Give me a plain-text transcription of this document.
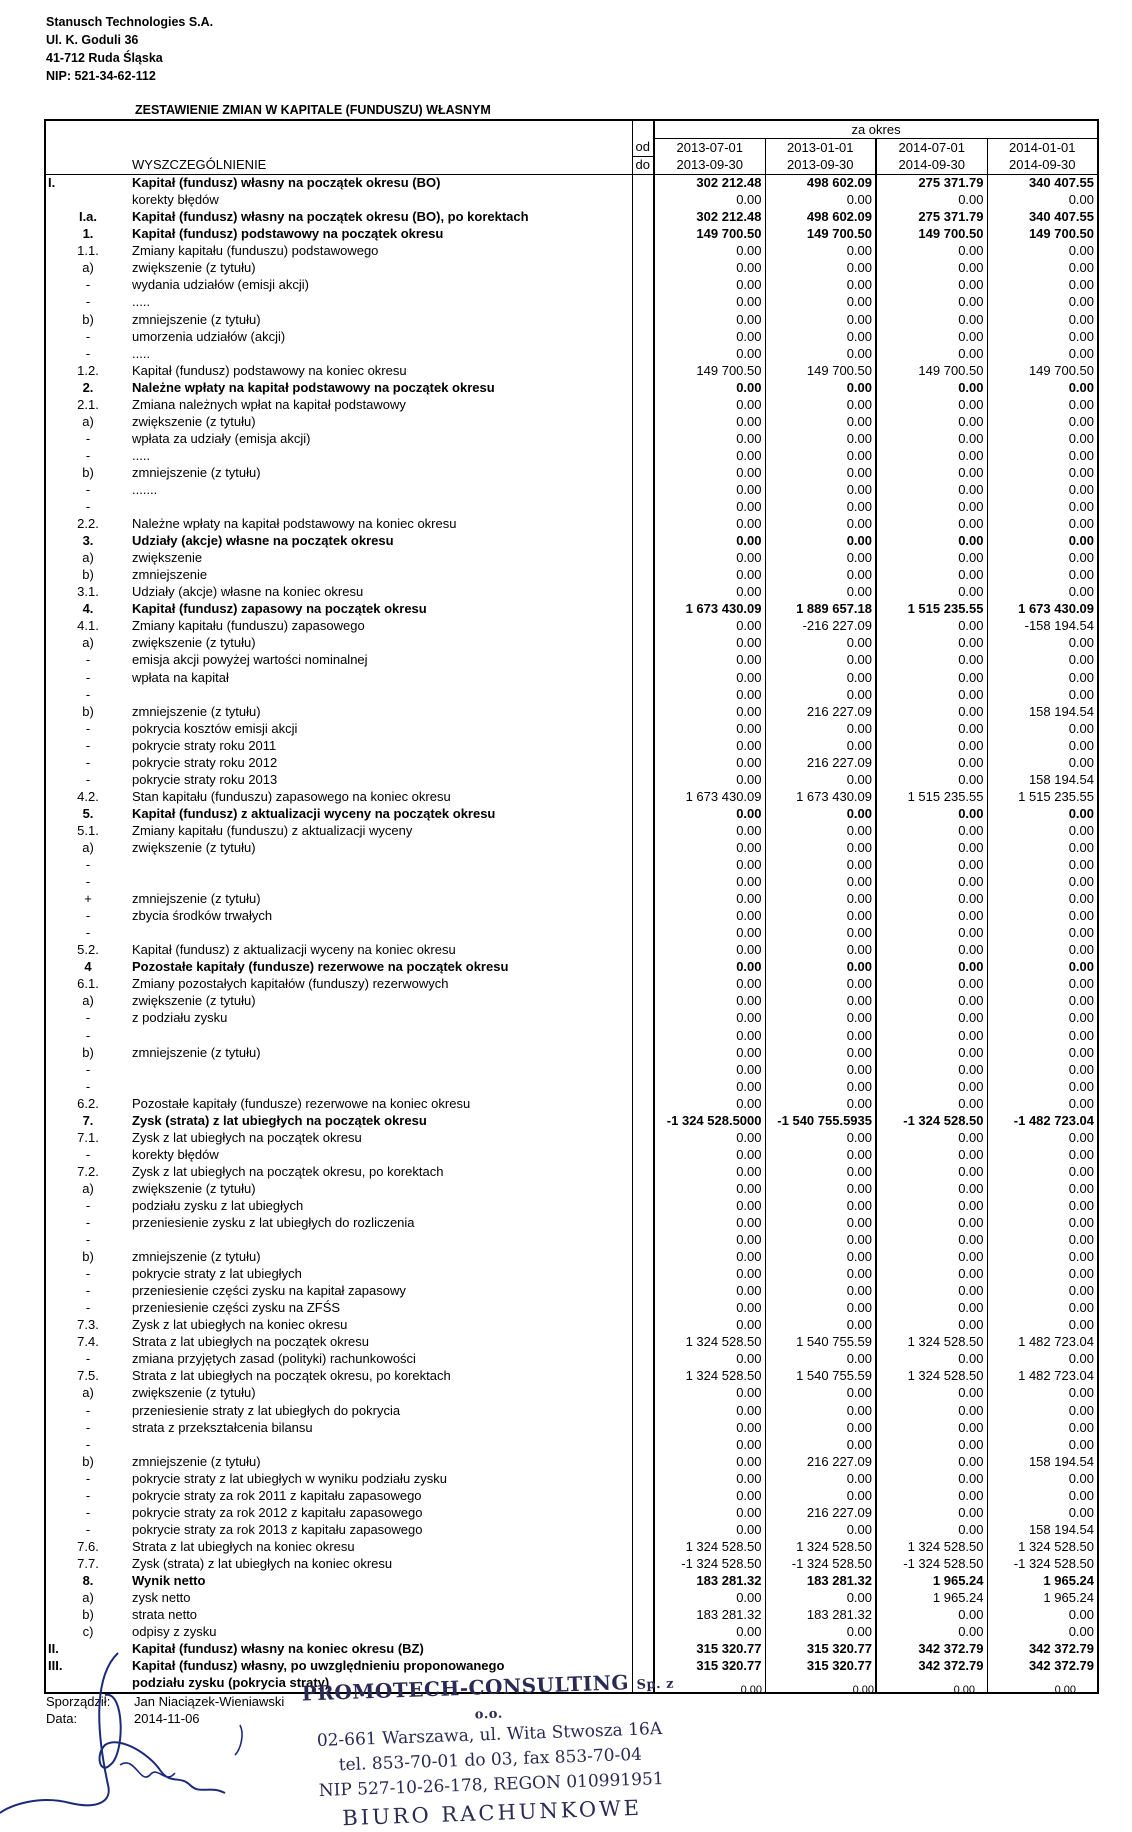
Stanusch Technologies S.A.
Ul. K. Goduli 36
41-712 Ruda Śląska
NIP: 521-34-62-112
ZESTAWIENIE ZMIAN W KAPITALE (FUNDUSZU) WŁASNYM
			za okres			
		od	2013-07-01	2013-01-01	2014-07-01	2014-01-01
	WYSZCZEGÓLNIENIE	do	2013-09-30	2013-09-30	2014-09-30	2014-09-30
I.	Kapitał (fundusz) własny na początek okresu (BO)		302 212.48	498 602.09	275 371.79	340 407.55
	korekty błędów		0.00	0.00	0.00	0.00
I.a.	Kapitał (fundusz) własny na początek okresu (BO), po korektach		302 212.48	498 602.09	275 371.79	340 407.55
1.	Kapitał (fundusz) podstawowy na początek okresu		149 700.50	149 700.50	149 700.50	149 700.50
1.1.	Zmiany kapitału (funduszu) podstawowego		0.00	0.00	0.00	0.00
a)	zwiększenie (z tytułu)		0.00	0.00	0.00	0.00
-	wydania udziałów (emisji akcji)		0.00	0.00	0.00	0.00
-	.....		0.00	0.00	0.00	0.00
b)	zmniejszenie (z tytułu)		0.00	0.00	0.00	0.00
-	umorzenia udziałów (akcji)		0.00	0.00	0.00	0.00
-	.....		0.00	0.00	0.00	0.00
1.2.	Kapitał (fundusz) podstawowy na koniec okresu		149 700.50	149 700.50	149 700.50	149 700.50
2.	Należne wpłaty na kapitał podstawowy na początek okresu		0.00	0.00	0.00	0.00
2.1.	Zmiana należnych wpłat na kapitał podstawowy		0.00	0.00	0.00	0.00
a)	zwiększenie (z tytułu)		0.00	0.00	0.00	0.00
-	wpłata za udziały (emisja akcji)		0.00	0.00	0.00	0.00
-	.....		0.00	0.00	0.00	0.00
b)	zmniejszenie (z tytułu)		0.00	0.00	0.00	0.00
-	.......		0.00	0.00	0.00	0.00
-			0.00	0.00	0.00	0.00
2.2.	Należne wpłaty na kapitał podstawowy na koniec okresu		0.00	0.00	0.00	0.00
3.	Udziały (akcje) własne na początek okresu		0.00	0.00	0.00	0.00
a)	zwiększenie		0.00	0.00	0.00	0.00
b)	zmniejszenie		0.00	0.00	0.00	0.00
3.1.	Udziały (akcje) własne na koniec okresu		0.00	0.00	0.00	0.00
4.	Kapitał (fundusz) zapasowy na początek okresu		1 673 430.09	1 889 657.18	1 515 235.55	1 673 430.09
4.1.	Zmiany kapitału (funduszu) zapasowego		0.00	-216 227.09	0.00	-158 194.54
a)	zwiększenie (z tytułu)		0.00	0.00	0.00	0.00
-	emisja akcji powyżej wartości nominalnej		0.00	0.00	0.00	0.00
-	wpłata na kapitał		0.00	0.00	0.00	0.00
-			0.00	0.00	0.00	0.00
b)	zmniejszenie (z tytułu)		0.00	216 227.09	0.00	158 194.54
-	pokrycia kosztów emisji akcji		0.00	0.00	0.00	0.00
-	pokrycie straty roku 2011		0.00	0.00	0.00	0.00
-	pokrycie straty roku 2012		0.00	216 227.09	0.00	0.00
-	pokrycie straty roku 2013		0.00	0.00	0.00	158 194.54
4.2.	Stan kapitału (funduszu) zapasowego na koniec okresu		1 673 430.09	1 673 430.09	1 515 235.55	1 515 235.55
5.	Kapitał (fundusz) z aktualizacji wyceny na początek okresu		0.00	0.00	0.00	0.00
5.1.	Zmiany kapitału (funduszu) z aktualizacji wyceny		0.00	0.00	0.00	0.00
a)	zwiększenie (z tytułu)		0.00	0.00	0.00	0.00
-			0.00	0.00	0.00	0.00
-			0.00	0.00	0.00	0.00
+	zmniejszenie (z tytułu)		0.00	0.00	0.00	0.00
-	zbycia środków trwałych		0.00	0.00	0.00	0.00
-			0.00	0.00	0.00	0.00
5.2.	Kapitał (fundusz) z aktualizacji wyceny na koniec okresu		0.00	0.00	0.00	0.00
4	Pozostałe kapitały (fundusze) rezerwowe na początek okresu		0.00	0.00	0.00	0.00
6.1.	Zmiany pozostałych kapitałów (funduszy) rezerwowych		0.00	0.00	0.00	0.00
a)	zwiększenie (z tytułu)		0.00	0.00	0.00	0.00
-	z podziału zysku		0.00	0.00	0.00	0.00
-			0.00	0.00	0.00	0.00
b)	zmniejszenie (z tytułu)		0.00	0.00	0.00	0.00
-			0.00	0.00	0.00	0.00
-			0.00	0.00	0.00	0.00
6.2.	Pozostałe kapitały (fundusze) rezerwowe na koniec okresu		0.00	0.00	0.00	0.00
7.	Zysk (strata) z lat ubiegłych na początek okresu		-1 324 528.5000	-1 540 755.5935	-1 324 528.50	-1 482 723.04
7.1.	Zysk z lat ubiegłych na początek okresu		0.00	0.00	0.00	0.00
-	korekty błędów		0.00	0.00	0.00	0.00
7.2.	Zysk z lat ubiegłych na początek okresu, po korektach		0.00	0.00	0.00	0.00
a)	zwiększenie (z tytułu)		0.00	0.00	0.00	0.00
-	podziału zysku z lat ubiegłych		0.00	0.00	0.00	0.00
-	przeniesienie zysku z lat ubiegłych do rozliczenia		0.00	0.00	0.00	0.00
-			0.00	0.00	0.00	0.00
b)	zmniejszenie (z tytułu)		0.00	0.00	0.00	0.00
-	pokrycie straty z lat ubiegłych		0.00	0.00	0.00	0.00
-	przeniesienie części zysku na kapitał zapasowy		0.00	0.00	0.00	0.00
-	przeniesienie części zysku na ZFŚS		0.00	0.00	0.00	0.00
7.3.	Zysk z lat ubiegłych na koniec okresu		0.00	0.00	0.00	0.00
7.4.	Strata z lat ubiegłych na początek okresu		1 324 528.50	1 540 755.59	1 324 528.50	1 482 723.04
-	zmiana przyjętych zasad (polityki) rachunkowości		0.00	0.00	0.00	0.00
7.5.	Strata z lat ubiegłych na początek okresu, po korektach		1 324 528.50	1 540 755.59	1 324 528.50	1 482 723.04
a)	zwiększenie (z tytułu)		0.00	0.00	0.00	0.00
-	przeniesienie straty z lat ubiegłych do pokrycia		0.00	0.00	0.00	0.00
-	strata z przekształcenia bilansu		0.00	0.00	0.00	0.00
-			0.00	0.00	0.00	0.00
b)	zmniejszenie (z tytułu)		0.00	216 227.09	0.00	158 194.54
-	pokrycie straty z lat ubiegłych w wyniku podziału zysku		0.00	0.00	0.00	0.00
-	pokrycie straty za rok 2011 z kapitału zapasowego		0.00	0.00	0.00	0.00
-	pokrycie straty za rok 2012 z kapitału zapasowego		0.00	216 227.09	0.00	0.00
-	pokrycie straty za rok 2013 z kapitału zapasowego		0.00	0.00	0.00	158 194.54
7.6.	Strata z lat ubiegłych na koniec okresu		1 324 528.50	1 324 528.50	1 324 528.50	1 324 528.50
7.7.	Zysk (strata) z lat ubiegłych na koniec okresu		-1 324 528.50	-1 324 528.50	-1 324 528.50	-1 324 528.50
8.	Wynik netto		183 281.32	183 281.32	1 965.24	1 965.24
a)	zysk netto		0.00	0.00	1 965.24	1 965.24
b)	strata netto		183 281.32	183 281.32	0.00	0.00
c)	odpisy z zysku		0.00	0.00	0.00	0.00
II.	Kapitał (fundusz) własny na koniec okresu (BZ)		315 320.77	315 320.77	342 372.79	342 372.79
III.	Kapitał (fundusz) własny, po uwzględnieniu proponowanego		315 320.77	315 320.77	342 372.79	342 372.79
	podziału zysku (pokrycia straty)						0.00	0.00	0.00	0.00
Sporządził: Jan Niaciązek-Wieniawski
Data:	2014-11-06
PROMOTECH-CONSULTING Sp. z o.o.
02-661 Warszawa, ul. Wita Stwosza 16A
tel. 853-70-01 do 03, fax 853-70-04
NIP 527-10-26-178, REGON 010991951
BIURO RACHUNKOWE
